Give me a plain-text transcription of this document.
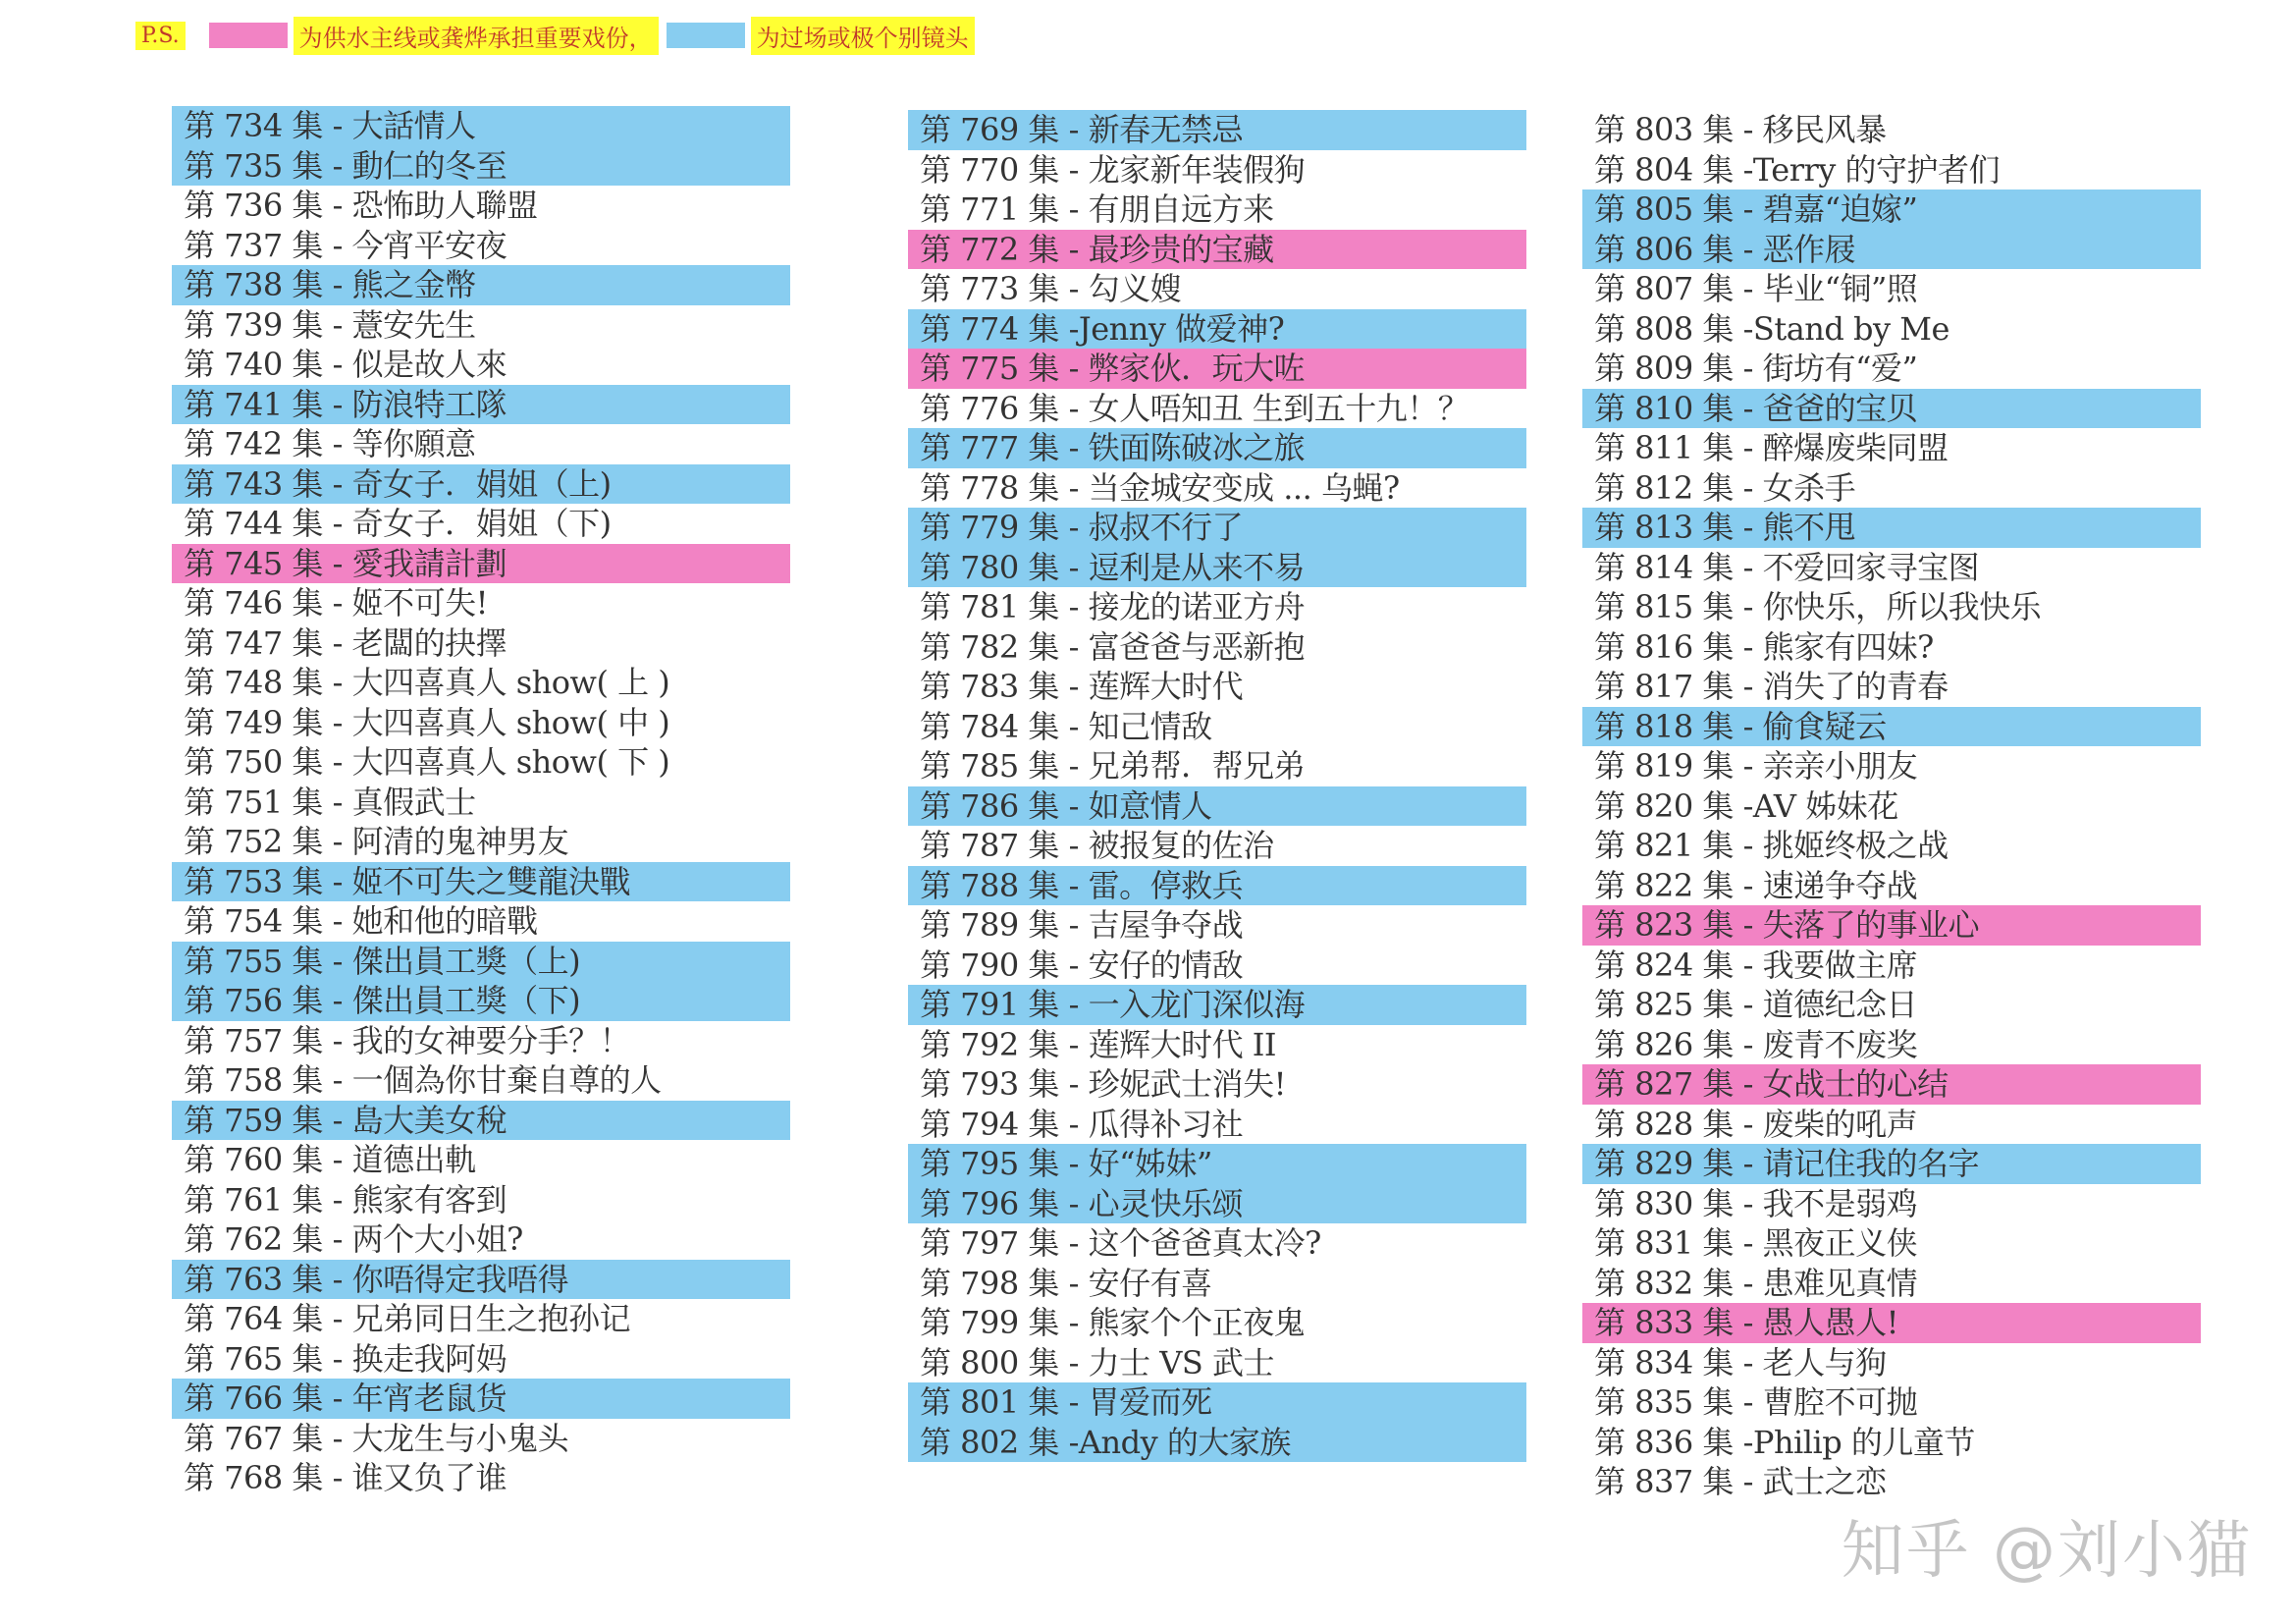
P.S.	为供水主线或龚烨承担重要戏份，	为过场或极个别镜头
第 734 集 - 大話情人
第 735 集 - 動仁的冬至
第 736 集 - 恐怖助人聯盟
第 737 集 - 今宵平安夜
第 738 集 - 熊之金幣
第 739 集 - 薏安先生
第 740 集 - 似是故人來
第 741 集 - 防浪特工隊
第 742 集 - 等你願意
第 743 集 - 奇女子．娟姐（上)
第 744 集 - 奇女子．娟姐（下)
第 745 集 - 愛我請計劃
第 746 集 - 姬不可失!
第 747 集 - 老闆的抉擇
第 748 集 - 大四喜真人 show( 上 )
第 749 集 - 大四喜真人 show( 中 )
第 750 集 - 大四喜真人 show( 下 )
第 751 集 - 真假武士
第 752 集 - 阿清的鬼神男友
第 753 集 - 姬不可失之雙龍決戰
第 754 集 - 她和他的暗戰
第 755 集 - 傑出員工獎（上)
第 756 集 - 傑出員工獎（下)
第 757 集 - 我的女神要分手？！
第 758 集 - 一個為你甘棄自尊的人
第 759 集 - 島大美女稅
第 760 集 - 道德出軌
第 761 集 - 熊家有客到
第 762 集 - 两个大小姐?
第 763 集 - 你唔得定我唔得
第 764 集 - 兄弟同日生之抱孙记
第 765 集 - 换走我阿妈
第 766 集 - 年宵老鼠货
第 767 集 - 大龙生与小鬼头
第 768 集 - 谁又负了谁
第 769 集 - 新春无禁忌
第 770 集 - 龙家新年装假狗
第 771 集 - 有朋自远方来
第 772 集 - 最珍贵的宝藏
第 773 集 - 勾义嫂
第 774 集 -Jenny 做爱神?
第 775 集 - 弊家伙．玩大咗
第 776 集 - 女人唔知丑 生到五十九！？
第 777 集 - 铁面陈破冰之旅
第 778 集 - 当金城安变成 ... 乌蝇?
第 779 集 - 叔叔不行了
第 780 集 - 逗利是从来不易
第 781 集 - 接龙的诺亚方舟
第 782 集 - 富爸爸与恶新抱
第 783 集 - 莲辉大时代
第 784 集 - 知己情敌
第 785 集 - 兄弟帮．帮兄弟
第 786 集 - 如意情人
第 787 集 - 被报复的佐治
第 788 集 - 雷。停救兵
第 789 集 - 吉屋争夺战
第 790 集 - 安仔的情敌
第 791 集 - 一入龙门深似海
第 792 集 - 莲辉大时代 II
第 793 集 - 珍妮武士消失!
第 794 集 - 瓜得补习社
第 795 集 - 好“姊妹”
第 796 集 - 心灵快乐颂
第 797 集 - 这个爸爸真太冷?
第 798 集 - 安仔有喜
第 799 集 - 熊家个个正夜鬼
第 800 集 - 力士 VS 武士
第 801 集 - 胃爱而死
第 802 集 -Andy 的大家族
第 803 集 - 移民风暴
第 804 集 -Terry 的守护者们
第 805 集 - 碧嘉“迫嫁”
第 806 集 - 恶作屐
第 807 集 - 毕业“铜”照
第 808 集 -Stand by Me
第 809 集 - 街坊有“爱”
第 810 集 - 爸爸的宝贝
第 811 集 - 醉爆废柴同盟
第 812 集 - 女杀手
第 813 集 - 熊不甩
第 814 集 - 不爱回家寻宝图
第 815 集 - 你快乐，所以我快乐
第 816 集 - 熊家有四妹?
第 817 集 - 消失了的青春
第 818 集 - 偷食疑云
第 819 集 - 亲亲小朋友
第 820 集 -AV 姊妹花
第 821 集 - 挑姬终极之战
第 822 集 - 速递争夺战
第 823 集 - 失落了的事业心
第 824 集 - 我要做主席
第 825 集 - 道德纪念日
第 826 集 - 废青不废奖
第 827 集 - 女战士的心结
第 828 集 - 废柴的吼声
第 829 集 - 请记住我的名字
第 830 集 - 我不是弱鸡
第 831 集 - 黑夜正义侠
第 832 集 - 患难见真情
第 833 集 - 愚人愚人!
第 834 集 - 老人与狗
第 835 集 - 曹腔不可抛
第 836 集 -Philip 的儿童节
第 837 集 - 武士之恋
知乎 @刘小猫
